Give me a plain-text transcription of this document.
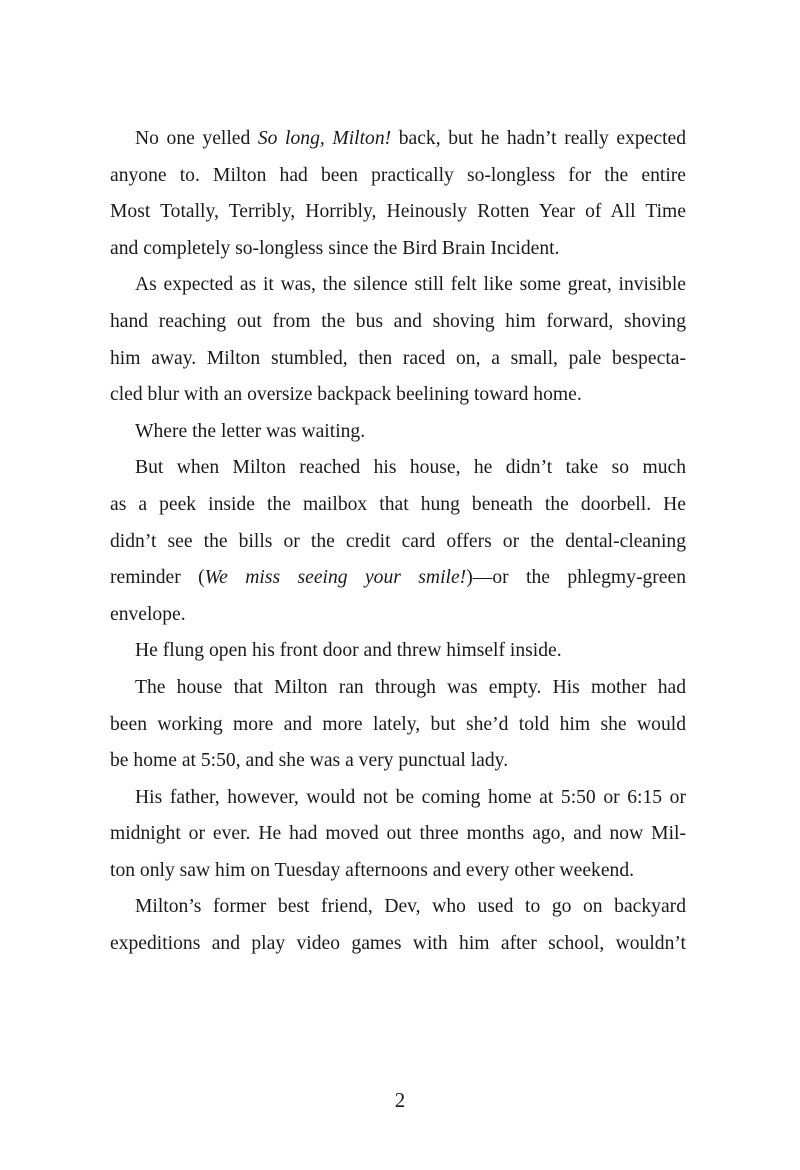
No one yelled So long, Milton! back, but he hadn’t really expected
anyone to. Milton had been practically so-longless for the entire
Most Totally, Terribly, Horribly, Heinously Rotten Year of All Time
and completely so-longless since the Bird Brain Incident.
As expected as it was, the silence still felt like some great, invisible
hand reaching out from the bus and shoving him forward, shoving
him away. Milton stumbled, then raced on, a small, pale bespecta-
cled blur with an oversize backpack beelining toward home.
Where the letter was waiting.
But when Milton reached his house, he didn’t take so much
as a peek inside the mailbox that hung beneath the doorbell. He
didn’t see the bills or the credit card offers or the dental-cleaning
reminder (We miss seeing your smile!)—or the phlegmy-green
envelope.
He flung open his front door and threw himself inside.
The house that Milton ran through was empty. His mother had
been working more and more lately, but she’d told him she would
be home at 5:50, and she was a very punctual lady.
His father, however, would not be coming home at 5:50 or 6:15 or
midnight or ever. He had moved out three months ago, and now Mil-
ton only saw him on Tuesday afternoons and every other weekend.
Milton’s former best friend, Dev, who used to go on backyard
expeditions and play video games with him after school, wouldn’t
2
